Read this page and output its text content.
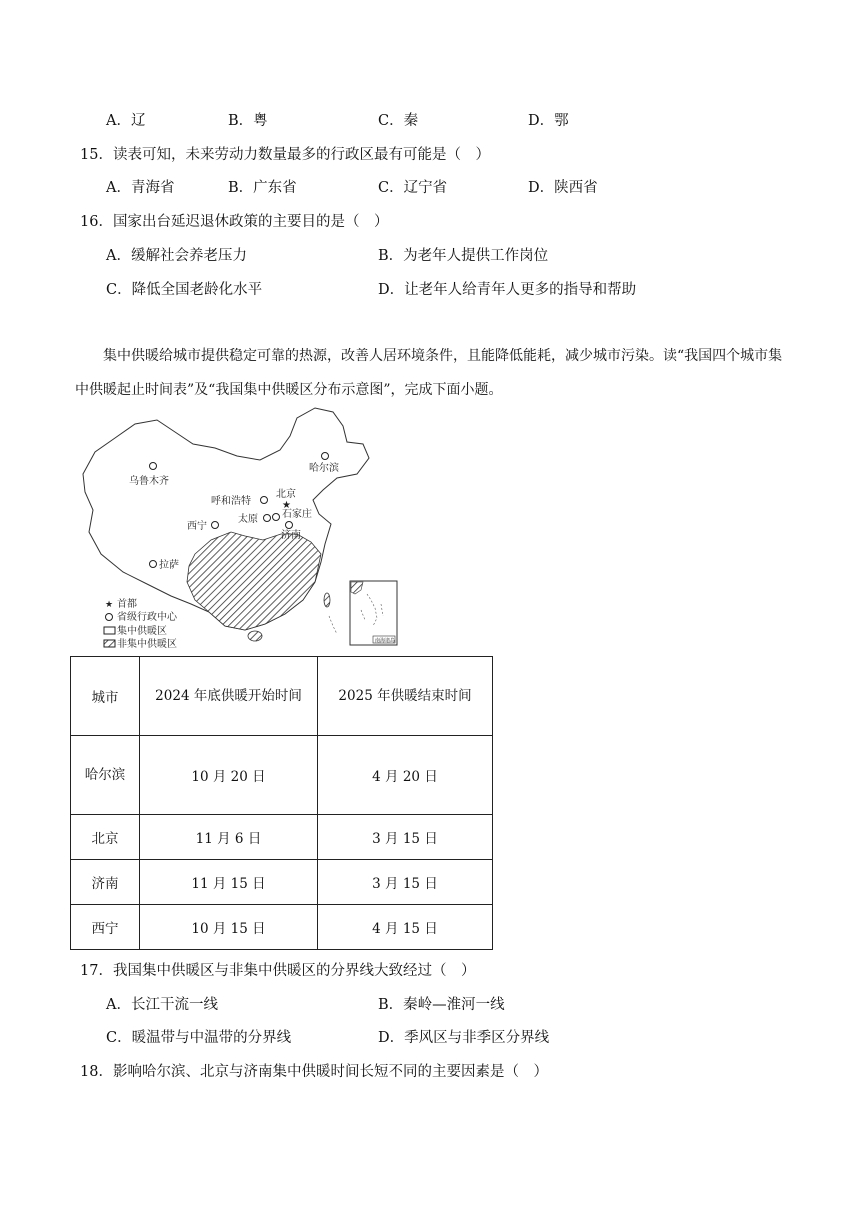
A．辽	B．粤	C．秦	D．鄂
15．读表可知，未来劳动力数量最多的行政区最有可能是（　）
A．青海省	B．广东省	C．辽宁省	D．陕西省
16．国家出台延迟退休政策的主要目的是（　）
A．缓解社会养老压力	B．为老年人提供工作岗位
C．降低全国老龄化水平	D．让老年人给青年人更多的指导和帮助
集中供暖给城市提供稳定可靠的热源，改善人居环境条件，且能降低能耗，减少城市污染。读“我国四个城市集中供暖起止时间表”及“我国集中供暖区分布示意图”，完成下面小题。
乌鲁木齐
哈尔滨
呼和浩特	★
北京
石家庄
太原
西宁
济南
拉萨
★ 首都
省级行政中心
集中供暖区
非集中供暖区	南海诸岛
城市	2024 年底供暖开始时间	2025 年供暖结束时间
哈尔滨	10 月 20 日	4 月 20 日
北京	11 月 6 日	3 月 15 日
济南	11 月 15 日	3 月 15 日
西宁	10 月 15 日	4 月 15 日
17．我国集中供暖区与非集中供暖区的分界线大致经过（　）
A．长江干流一线	B．秦岭—淮河一线
C．暖温带与中温带的分界线	D．季风区与非季区分界线
18．影响哈尔滨、北京与济南集中供暖时间长短不同的主要因素是（　）
